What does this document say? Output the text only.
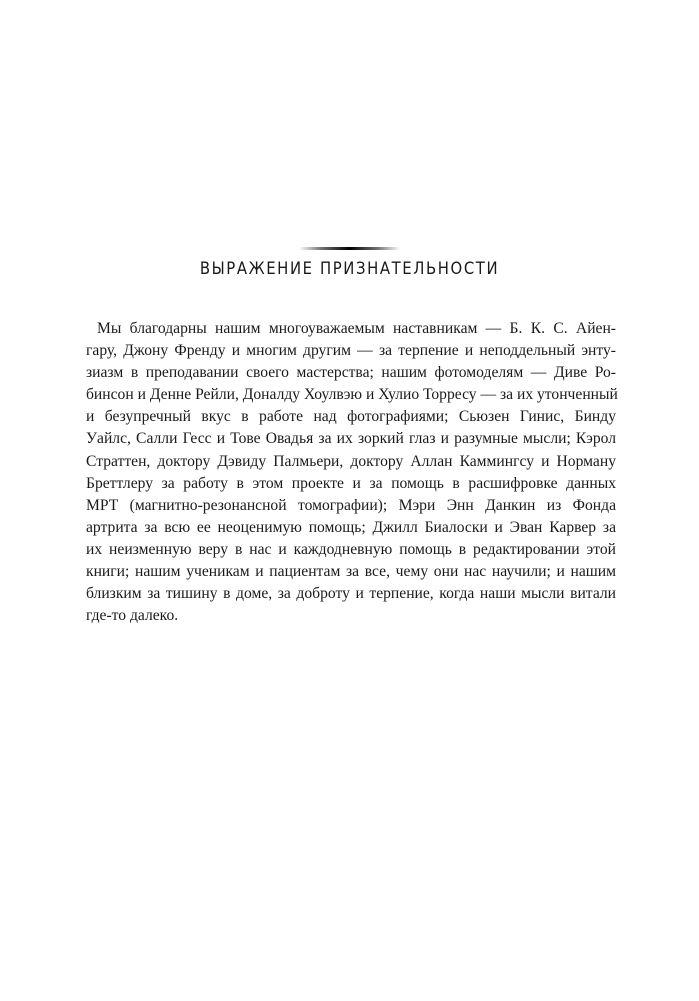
ВЫРАЖЕНИЕ ПРИЗНАТЕЛЬНОСТИ
Мы благодарны нашим многоуважаемым наставникам — Б. К. С. Айен-
гару, Джону Френду и многим другим — за терпение и неподдельный энту-
зиазм в преподавании своего мастерства; нашим фотомоделям — Диве Ро-
бинсон и Денне Рейли, Доналду Хоулвэю и Хулио Торресу — за их утонченный
и безупречный вкус в работе над фотографиями; Сьюзен Гинис, Бинду
Уайлс, Салли Гесс и Тове Овадья за их зоркий глаз и разумные мысли; Кэрол
Страттен, доктору Дэвиду Палмьери, доктору Аллан Каммингсу и Норману
Бреттлеру за работу в этом проекте и за помощь в расшифровке данных
МРТ (магнитно-резонансной томографии); Мэри Энн Данкин из Фонда
артрита за всю ее неоценимую помощь; Джилл Биалоски и Эван Карвер за
их неизменную веру в нас и каждодневную помощь в редактировании этой
книги; нашим ученикам и пациентам за все, чему они нас научили; и нашим
близким за тишину в доме, за доброту и терпение, когда наши мысли витали
где-то далеко.
